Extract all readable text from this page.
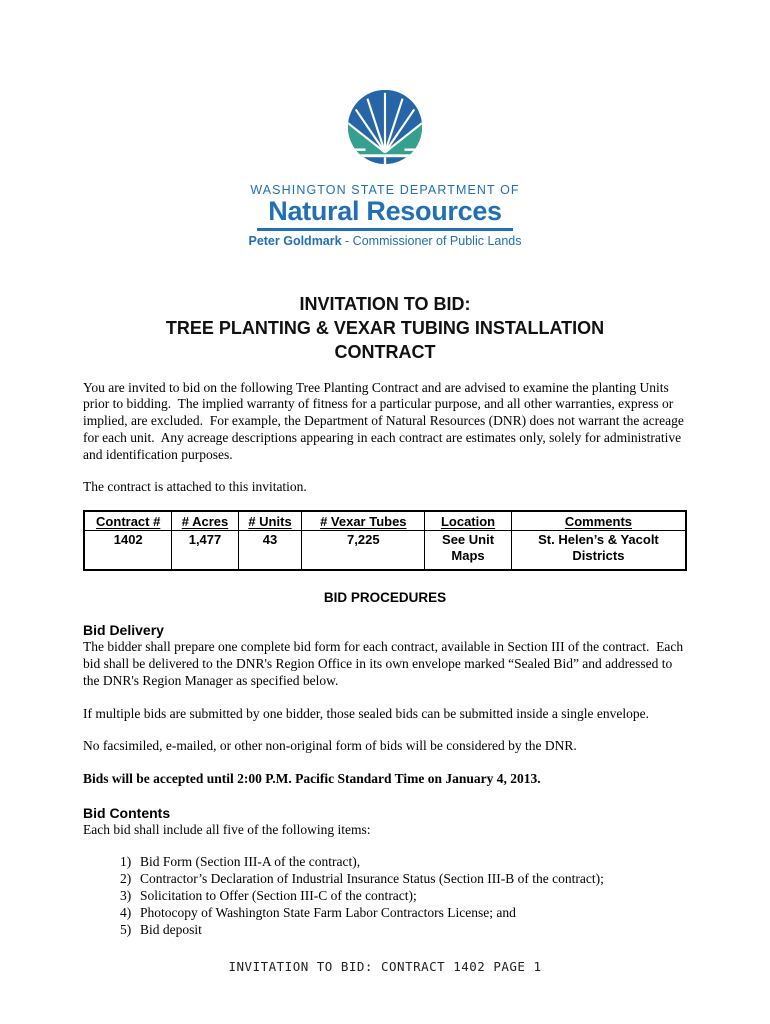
WASHINGTON STATE DEPARTMENT OF
Natural Resources
Peter Goldmark - Commissioner of Public Lands
INVITATION TO BID:
TREE PLANTING & VEXAR TUBING INSTALLATION
CONTRACT
You are invited to bid on the following Tree Planting Contract and are advised to examine the planting Units prior to bidding.  The implied warranty of fitness for a particular purpose, and all other warranties, express or implied, are excluded.  For example, the Department of Natural Resources (DNR) does not warrant the acreage for each unit.  Any acreage descriptions appearing in each contract are estimates only, solely for administrative and identification purposes.
The contract is attached to this invitation.
Contract #	# Acres	# Units	# Vexar Tubes	Location	Comments
1402	1,477	43	7,225	See Unit Maps	St. Helen’s & Yacolt Districts
BID PROCEDURES
Bid Delivery
The bidder shall prepare one complete bid form for each contract, available in Section III of the contract.  Each bid shall be delivered to the DNR's Region Office in its own envelope marked “Sealed Bid” and addressed to the DNR's Region Manager as specified below.
If multiple bids are submitted by one bidder, those sealed bids can be submitted inside a single envelope.
No facsimiled, e-mailed, or other non-original form of bids will be considered by the DNR.
Bids will be accepted until 2:00 P.M. Pacific Standard Time on January 4, 2013.
Bid Contents
Each bid shall include all five of the following items:
1) Bid Form (Section III-A of the contract),
2) Contractor’s Declaration of Industrial Insurance Status (Section III-B of the contract);
3) Solicitation to Offer (Section III-C of the contract);
4) Photocopy of Washington State Farm Labor Contractors License; and
5) Bid deposit
INVITATION TO BID: CONTRACT 1402 PAGE 1
